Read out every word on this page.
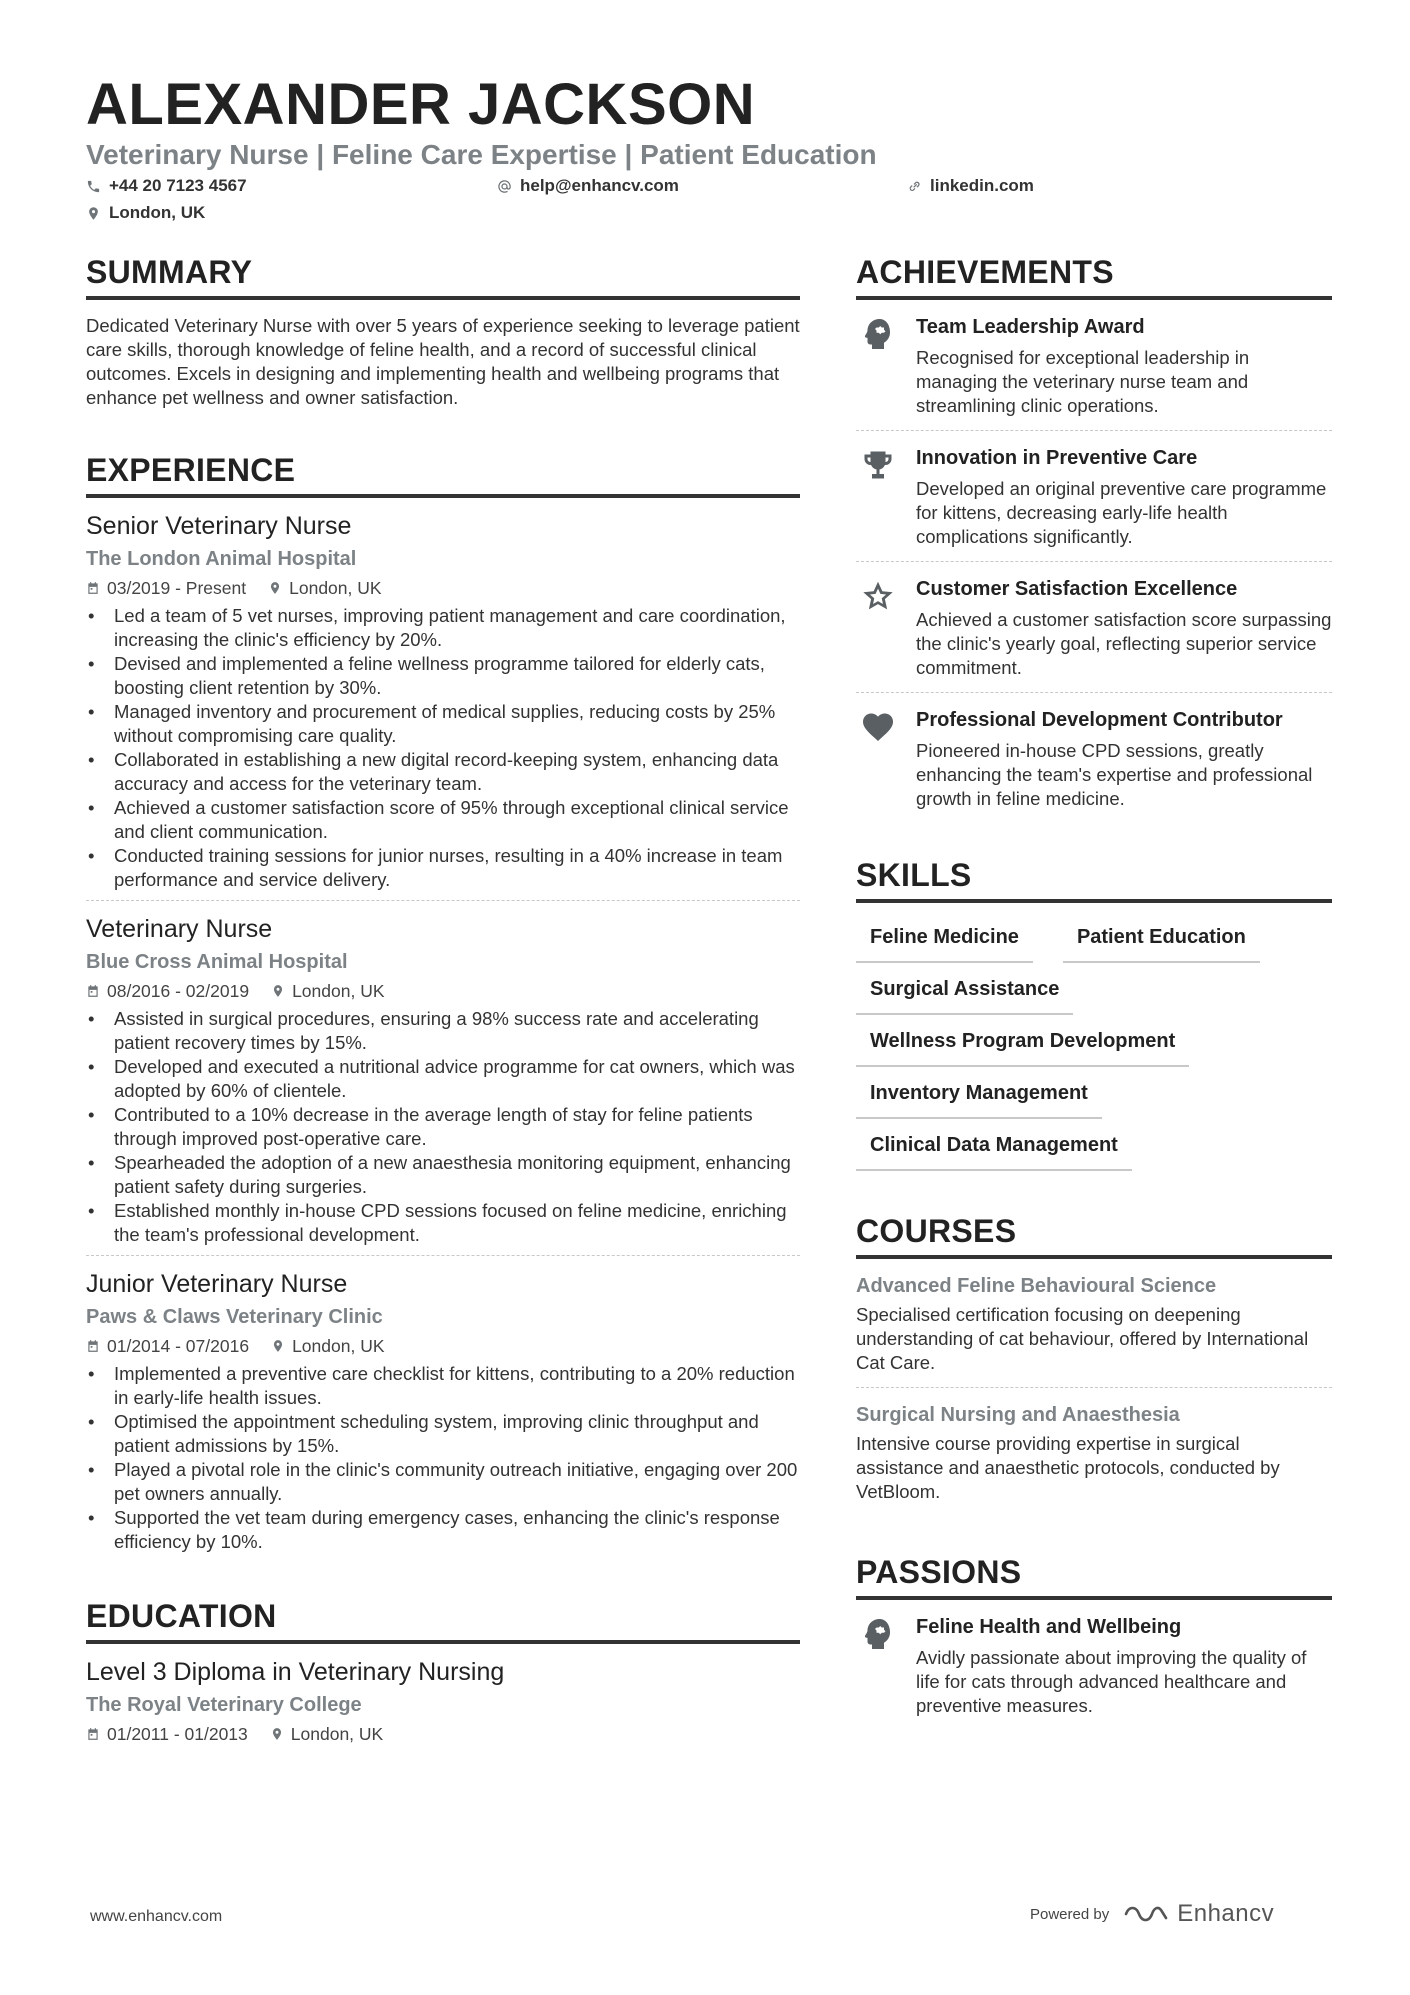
ALEXANDER JACKSON
Veterinary Nurse | Feline Care Expertise | Patient Education
+44 20 7123 4567	help@enhancv.com	linkedin.com
London, UK
SUMMARY

Dedicated Veterinary Nurse with over 5 years of experience seeking to leverage patient care skills, thorough knowledge of feline health, and a record of successful clinical outcomes. Excels in designing and implementing health and wellbeing programs that enhance pet wellness and owner satisfaction.

EXPERIENCE
Senior Veterinary Nurse
The London Animal Hospital
03/2019 - Present London, UK
• Led a team of 5 vet nurses, improving patient management and care coordination, increasing the clinic's efficiency by 20%.
• Devised and implemented a feline wellness programme tailored for elderly cats, boosting client retention by 30%.
• Managed inventory and procurement of medical supplies, reducing costs by 25% without compromising care quality.
• Collaborated in establishing a new digital record-keeping system, enhancing data accuracy and access for the veterinary team.
• Achieved a customer satisfaction score of 95% through exceptional clinical service and client communication.
• Conducted training sessions for junior nurses, resulting in a 40% increase in team performance and service delivery.
Veterinary Nurse
Blue Cross Animal Hospital
08/2016 - 02/2019 London, UK
• Assisted in surgical procedures, ensuring a 98% success rate and accelerating patient recovery times by 15%.
• Developed and executed a nutritional advice programme for cat owners, which was adopted by 60% of clientele.
• Contributed to a 10% decrease in the average length of stay for feline patients through improved post-operative care.
• Spearheaded the adoption of a new anaesthesia monitoring equipment, enhancing patient safety during surgeries.
• Established monthly in-house CPD sessions focused on feline medicine, enriching the team's professional development.
Junior Veterinary Nurse
Paws & Claws Veterinary Clinic
01/2014 - 07/2016 London, UK
• Implemented a preventive care checklist for kittens, contributing to a 20% reduction in early-life health issues.
• Optimised the appointment scheduling system, improving clinic throughput and patient admissions by 15%.
• Played a pivotal role in the clinic's community outreach initiative, engaging over 200 pet owners annually.
• Supported the vet team during emergency cases, enhancing the clinic's response efficiency by 10%.
EDUCATION
Level 3 Diploma in Veterinary Nursing
The Royal Veterinary College
01/2011 - 01/2013 London, UK
ACHIEVEMENTS
Team Leadership Award
Recognised for exceptional leadership in managing the veterinary nurse team and streamlining clinic operations.
Innovation in Preventive Care
Developed an original preventive care programme for kittens, decreasing early-life health complications significantly.
Customer Satisfaction Excellence
Achieved a customer satisfaction score surpassing the clinic's yearly goal, reflecting superior service commitment.
Professional Development Contributor
Pioneered in-house CPD sessions, greatly enhancing the team's expertise and professional growth in feline medicine.
SKILLS
Feline Medicine	Patient Education
Surgical Assistance
Wellness Program Development
Inventory Management
Clinical Data Management
COURSES
Advanced Feline Behavioural Science
Specialised certification focusing on deepening understanding of cat behaviour, offered by International Cat Care.
Surgical Nursing and Anaesthesia
Intensive course providing expertise in surgical assistance and anaesthetic protocols, conducted by VetBloom.
PASSIONS
Feline Health and Wellbeing
Avidly passionate about improving the quality of life for cats through advanced healthcare and preventive measures.
www.enhancv.com	Powered by	Enhancv
